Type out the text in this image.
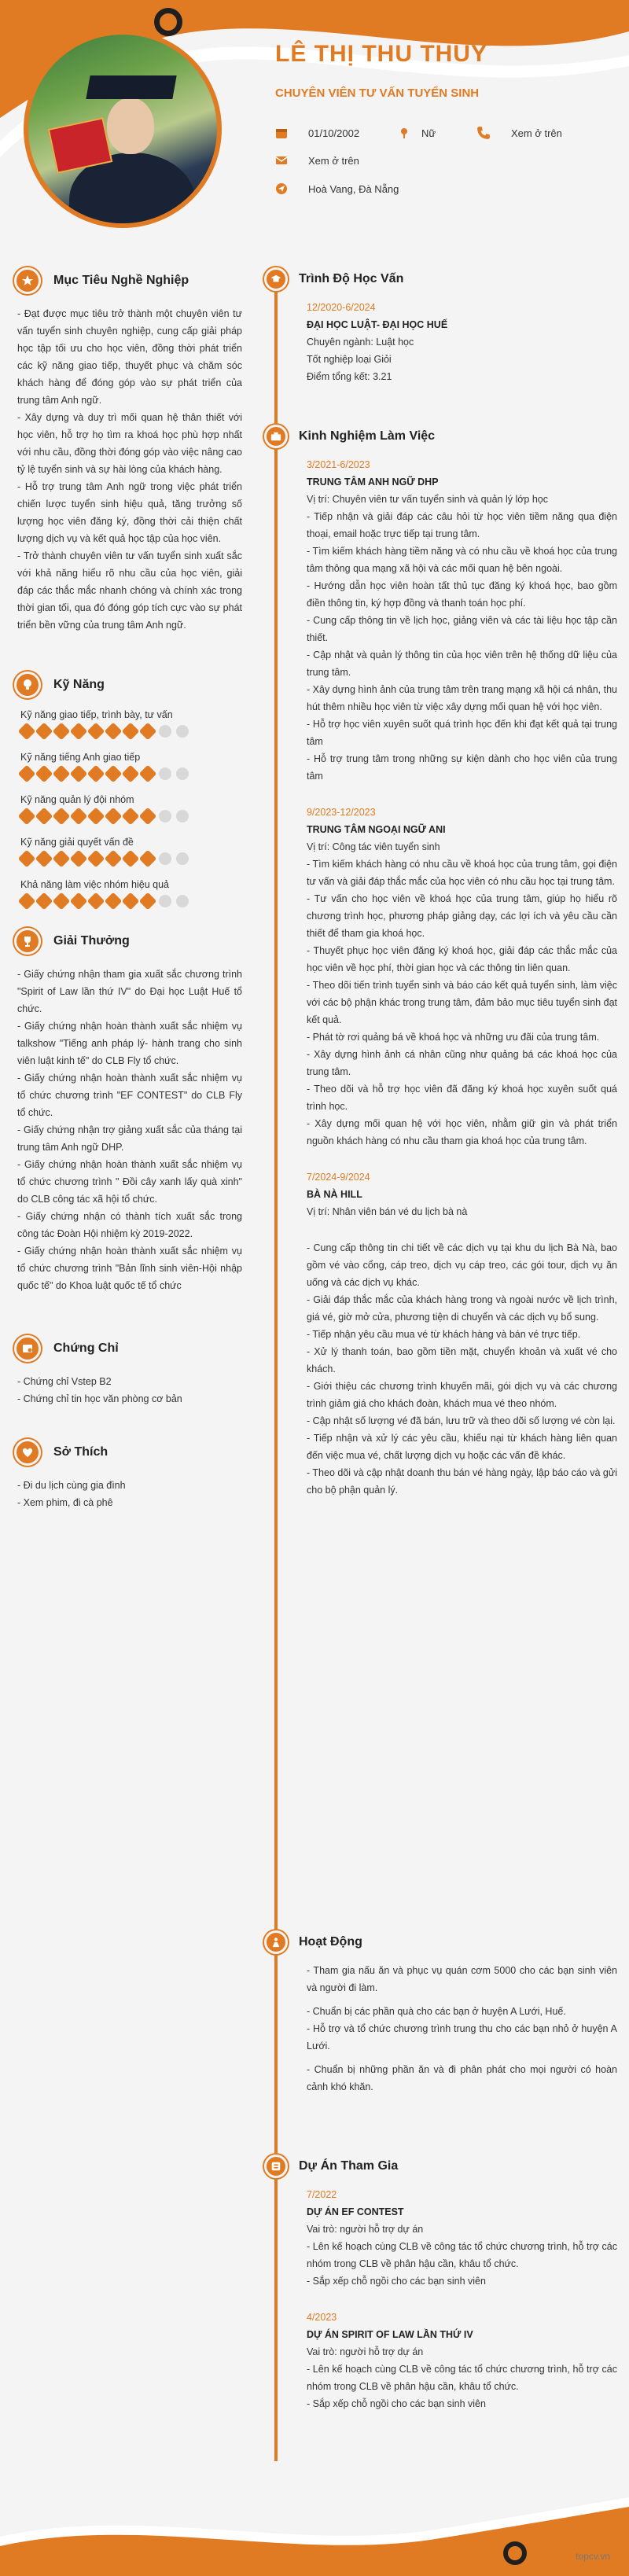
LÊ THỊ THU THUỶ
CHUYÊN VIÊN TƯ VẤN TUYỂN SINH
01/10/2002	Nữ	Xem ở trên
Xem ở trên
Hoà Vang, Đà Nẵng
Mục Tiêu Nghề Nghiệp

- Đạt được mục tiêu trở thành một chuyên viên tư vấn tuyển sinh chuyên nghiệp, cung cấp giải pháp học tập tối ưu cho học viên, đồng thời phát triển các kỹ năng giao tiếp, thuyết phục và chăm sóc khách hàng để đóng góp vào sự phát triển của trung tâm Anh ngữ.

- Xây dựng và duy trì mối quan hệ thân thiết với học viên, hỗ trợ họ tìm ra khoá học phù hợp nhất với nhu cầu, đồng thời đóng góp vào việc nâng cao tỷ lệ tuyển sinh và sự hài lòng của khách hàng.

- Hỗ trợ trung tâm Anh ngữ trong việc phát triển chiến lược tuyển sinh hiệu quả, tăng trưởng số lượng học viên đăng ký, đồng thời cải thiện chất lượng dịch vụ và kết quả học tập của học viên.

- Trở thành chuyên viên tư vấn tuyển sinh xuất sắc với khả năng hiểu rõ nhu cầu của học viên, giải đáp các thắc mắc nhanh chóng và chính xác trong thời gian tối, qua đó đóng góp tích cực vào sự phát triển bền vững của trung tâm Anh ngữ.

Kỹ Năng
Kỹ năng giao tiếp, trình bày, tư vấn
Kỹ năng tiếng Anh giao tiếp
Kỹ năng quản lý đội nhóm
Kỹ năng giải quyết vấn đề
Khả năng làm việc nhóm hiệu quả
Giải Thưởng

- Giấy chứng nhận tham gia xuất sắc chương trình "Spirit of Law lần thứ IV" do Đại học Luật Huế tổ chức.

- Giấy chứng nhận hoàn thành xuất sắc nhiệm vụ talkshow "Tiếng anh pháp lý- hành trang cho sinh viên luật kinh tế" do CLB Fly tổ chức.

- Giấy chứng nhận hoàn thành xuất sắc nhiệm vụ tổ chức chương trình "EF CONTEST" do CLB Fly tổ chức.

- Giấy chứng nhận trợ giảng xuất sắc của tháng tại trung tâm Anh ngữ DHP.

- Giấy chứng nhận hoàn thành xuất sắc nhiệm vụ tổ chức chương trình " Đồi cây xanh lấy quà xinh" do CLB công tác xã hội tổ chức.

- Giấy chứng nhận có thành tích xuất sắc trong công tác Đoàn Hội nhiệm kỳ 2019-2022.

- Giấy chứng nhận hoàn thành xuất sắc nhiệm vụ tổ chức chương trình "Bản lĩnh sinh viên-Hội nhập quốc tế" do Khoa luật quốc tế tổ chức

Chứng Chỉ

- Chứng chỉ Vstep B2

- Chứng chỉ tin học văn phòng cơ bản

Sở Thích

- Đi du lịch cùng gia đình

- Xem phim, đi cà phê

Trình Độ Học Vấn
12/2020-6/2024
ĐẠI HỌC LUẬT- ĐẠI HỌC HUẾ
Chuyên ngành: Luật học
Tốt nghiệp loại Giỏi
Điểm tổng kết: 3.21
Kinh Nghiệm Làm Việc
3/2021-6/2023
TRUNG TÂM ANH NGỮ DHP
Vị trí: Chuyên viên tư vấn tuyển sinh và quản lý lớp học
- Tiếp nhận và giải đáp các câu hỏi từ học viên tiềm năng qua điện thoại, email hoặc trực tiếp tại trung tâm.
- Tìm kiếm khách hàng tiềm năng và có nhu cầu về khoá học của trung tâm thông qua mạng xã hội và các mối quan hệ bên ngoài.
- Hướng dẫn học viên hoàn tất thủ tục đăng ký khoá học, bao gồm điền thông tin, ký hợp đồng và thanh toán học phí.
- Cung cấp thông tin về lịch học, giảng viên và các tài liệu học tập cần thiết.
- Cập nhật và quản lý thông tin của học viên trên hệ thống dữ liệu của trung tâm.
- Xây dựng hình ảnh của trung tâm trên trang mạng xã hội cá nhân, thu hút thêm nhiều học viên từ việc xây dựng mối quan hệ với học viên.
- Hỗ trợ học viên xuyên suốt quá trình học đến khi đạt kết quả tại trung tâm
- Hỗ trợ trung tâm trong những sự kiện dành cho học viên của trung tâm
9/2023-12/2023
TRUNG TÂM NGOẠI NGỮ ANI
Vị trí: Công tác viên tuyển sinh
- Tìm kiếm khách hàng có nhu cầu về khoá học của trung tâm, gọi điện tư vấn và giải đáp thắc mắc của học viên có nhu cầu học tại trung tâm.
- Tư vấn cho học viên về khoá học của trung tâm, giúp họ hiểu rõ chương trình học, phương pháp giảng dạy, các lợi ích và yêu cầu cần thiết để tham gia khoá học.
- Thuyết phục học viên đăng ký khoá học, giải đáp các thắc mắc của học viên về học phí, thời gian học và các thông tin liên quan.
- Theo dõi tiến trình tuyển sinh và báo cáo kết quả tuyển sinh, làm việc với các bộ phận khác trong trung tâm, đảm bảo mục tiêu tuyển sinh đạt kết quả.
- Phát tờ rơi quảng bá về khoá học và những ưu đãi của trung tâm.
- Xây dựng hình ảnh cá nhân cũng như quảng bá các khoá học của trung tâm.
- Theo dõi và hỗ trợ học viên đã đăng ký khoá học xuyên suốt quá trình học.
- Xây dựng mối quan hệ với học viên, nhằm giữ gìn và phát triển nguồn khách hàng có nhu cầu tham gia khoá học của trung tâm.
7/2024-9/2024
BÀ NÀ HILL
Vị trí: Nhân viên bán vé du lịch bà nà
- Cung cấp thông tin chi tiết về các dịch vụ tại khu du lịch Bà Nà, bao gồm vé vào cổng, cáp treo, dịch vụ cáp treo, các gói tour, dịch vụ ăn uống và các dịch vụ khác.
- Giải đáp thắc mắc của khách hàng trong và ngoài nước về lịch trình, giá vé, giờ mở cửa, phương tiện di chuyển và các dịch vụ bổ sung.
- Tiếp nhận yêu cầu mua vé từ khách hàng và bán vé trực tiếp.
- Xử lý thanh toán, bao gồm tiền mặt, chuyển khoản và xuất vé cho khách.
- Giới thiệu các chương trình khuyến mãi, gói dịch vụ và các chương trình giảm giá cho khách đoàn, khách mua vé theo nhóm.
- Cập nhật số lượng vé đã bán, lưu trữ và theo dõi số lượng vé còn lại.
- Tiếp nhận và xử lý các yêu cầu, khiếu nại từ khách hàng liên quan đến việc mua vé, chất lượng dịch vụ hoặc các vấn đề khác.
- Theo dõi và cập nhật doanh thu bán vé hàng ngày, lập báo cáo và gửi cho bộ phận quản lý.
Hoạt Động
- Tham gia nấu ăn và phục vụ quán cơm 5000 cho các bạn sinh viên và người đi làm.
- Chuẩn bị các phần quà cho các bạn ở huyện A Lưới, Huế.
- Hỗ trợ và tổ chức chương trình trung thu cho các bạn nhỏ ở huyện A Lưới.
- Chuẩn bị những phần ăn và đi phân phát cho mọi người có hoàn cảnh khó khăn.
Dự Án Tham Gia
7/2022
DỰ ÁN EF CONTEST
Vai trò: người hỗ trợ dự án
- Lên kế hoạch cùng CLB về công tác tổ chức chương trình, hỗ trợ các nhóm trong CLB về phân hậu cần, khâu tổ chức.
- Sắp xếp chỗ ngồi cho các bạn sinh viên
4/2023
DỰ ÁN SPIRIT OF LAW LẦN THỨ IV
Vai trò: người hỗ trợ dự án
- Lên kế hoạch cùng CLB về công tác tổ chức chương trình, hỗ trợ các nhóm trong CLB về phân hậu cần, khâu tổ chức.
- Sắp xếp chỗ ngồi cho các bạn sinh viên
topcv.vn
